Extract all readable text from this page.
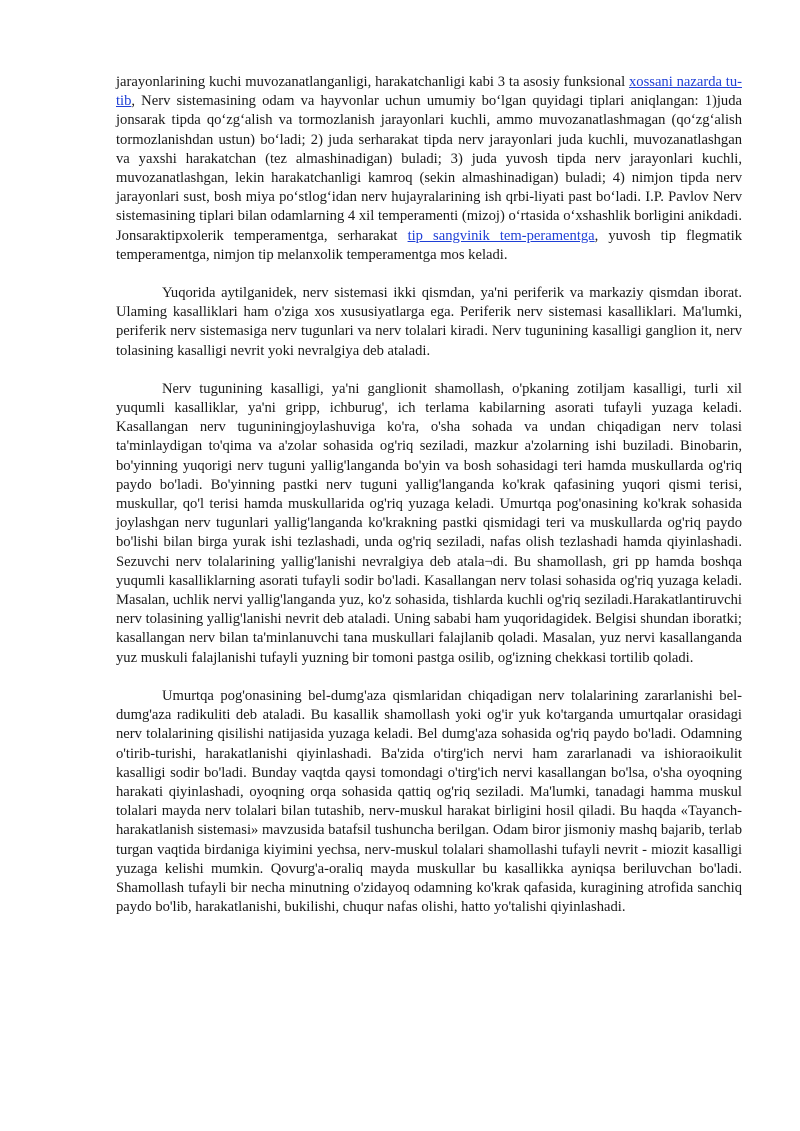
jarayonlarining kuchi muvozanatlanganligi, harakatchanligi kabi 3 ta asosiy funksional xossani nazarda tu-tib, Nerv sistemasining odam va hayvonlar uchun umumiy bo‘lgan quyidagi tiplari aniqlangan: 1)juda jonsarak tipda qo‘zg‘alish va tormozlanish jarayonlari kuchli, ammo muvozanatlashmagan (qo‘zg‘alish tormozlanishdan ustun) bo‘ladi; 2) juda serharakat tipda nerv jarayonlari juda kuchli, muvozanatlashgan va yaxshi harakatchan (tez almashinadigan) buladi; 3) juda yuvosh tipda nerv jarayonlari kuchli, muvozanatlashgan, lekin harakatchanligi kamroq (sekin almashinadigan) buladi; 4) nimjon tipda nerv jarayonlari sust, bosh miya po‘stlog‘idan nerv hujayralarining ish qrbi-liyati past bo‘ladi. I.P. Pavlov Nerv sistemasining tiplari bilan odamlarning 4 xil temperamenti (mizoj) o‘rtasida o‘xshashlik borligini anikdadi. Jonsaraktipxolerik temperamentga, serharakat tip sangvinik tem-peramentga, yuvosh tip flegmatik temperamentga, nimjon tip melanxolik temperamentga mos keladi.

Yuqorida aytilganidek, nerv sistemasi ikki qismdan, ya'ni periferik va markaziy qismdan iborat. Ulaming kasalliklari ham o'ziga xos xususiyatlarga ega. Periferik nerv sistemasi kasalliklari. Ma'lumki, periferik nerv sistemasiga nerv tugunlari va nerv tolalari kiradi. Nerv tugunining kasalligi ganglion it, nerv tolasining kasalligi nevrit yoki nevralgiya deb ataladi.

Nerv tugunining kasalligi, ya'ni ganglionit shamollash, o'pkaning zotiljam kasalligi, turli xil yuqumli kasalliklar, ya'ni gripp, ichburug', ich terlama kabilarning asorati tufayli yuzaga keladi. Kasallangan nerv tuguniningjoylashuviga ko'ra, o'sha sohada va undan chiqadigan nerv tolasi ta'minlaydigan to'qima va a'zolar sohasida og'riq seziladi, mazkur a'zolarning ishi buziladi. Binobarin, bo'yinning yuqorigi nerv tuguni yallig'langanda bo'yin va bosh sohasidagi teri hamda muskullarda og'riq paydo bo'ladi. Bo'yinning pastki nerv tuguni yallig'langanda ko'krak qafasining yuqori qismi terisi, muskullar, qo'l terisi hamda muskullarida og'riq yuzaga keladi. Umurtqa pog'onasining ko'krak sohasida joylashgan nerv tugunlari yallig'langanda ko'krakning pastki qismidagi teri va muskullarda og'riq paydo bo'lishi bilan birga yurak ishi tezlashadi, unda og'riq seziladi, nafas olish tezlashadi hamda qiyinlashadi. Sezuvchi nerv tolalarining yallig'lanishi nevralgiya deb atala¬di. Bu shamollash, gri pp hamda boshqa yuqumli kasalliklarning asorati tufayli sodir bo'ladi. Kasallangan nerv tolasi sohasida og'riq yuzaga keladi. Masalan, uchlik nervi yallig'langanda yuz, ko'z sohasida, tishlarda kuchli og'riq seziladi.Harakatlantiruvchi nerv tolasining yallig'lanishi nevrit deb ataladi. Uning sababi ham yuqoridagidek. Belgisi shundan iboratki; kasallangan nerv bilan ta'minlanuvchi tana muskullari falajlanib qoladi. Masalan, yuz nervi kasallanganda yuz muskuli falajlanishi tufayli yuzning bir tomoni pastga osilib, og'izning chekkasi tortilib qoladi.

Umurtqa pog'onasining bel-dumg'aza qismlaridan chiqadigan nerv tolalarining zararlanishi bel-dumg'aza radikuliti deb ataladi. Bu kasallik shamollash yoki og'ir yuk ko'targanda umurtqalar orasidagi nerv tolalarining qisilishi natijasida yuzaga keladi. Bel dumg'aza sohasida og'riq paydo bo'ladi. Odamning o'tirib-turishi, harakatlanishi qiyinlashadi. Ba'zida o'tirg'ich nervi ham zararlanadi va ishioraoikulit kasalligi sodir bo'ladi. Bunday vaqtda qaysi tomondagi o'tirg'ich nervi kasallangan bo'lsa, o'sha oyoqning harakati qiyinlashadi, oyoqning orqa sohasida qattiq og'riq seziladi. Ma'lumki, tanadagi hamma muskul tolalari mayda nerv tolalari bilan tutashib, nerv-muskul harakat birligini hosil qiladi. Bu haqda «Tayanch-harakatlanish sistemasi» mavzusida batafsil tushuncha berilgan. Odam biror jismoniy mashq bajarib, terlab turgan vaqtida birdaniga kiyimini yechsa, nerv-muskul tolalari shamollashi tufayli nevrit - miozit kasalligi yuzaga kelishi mumkin. Qovurg'a-oraliq mayda muskullar bu kasallikka ayniqsa beriluvchan bo'ladi. Shamollash tufayli bir necha minutning o'zidayoq odamning ko'krak qafasida, kuragining atrofida sanchiq paydo bo'lib, harakatlanishi, bukilishi, chuqur nafas olishi, hatto yo'talishi qiyinlashadi.
